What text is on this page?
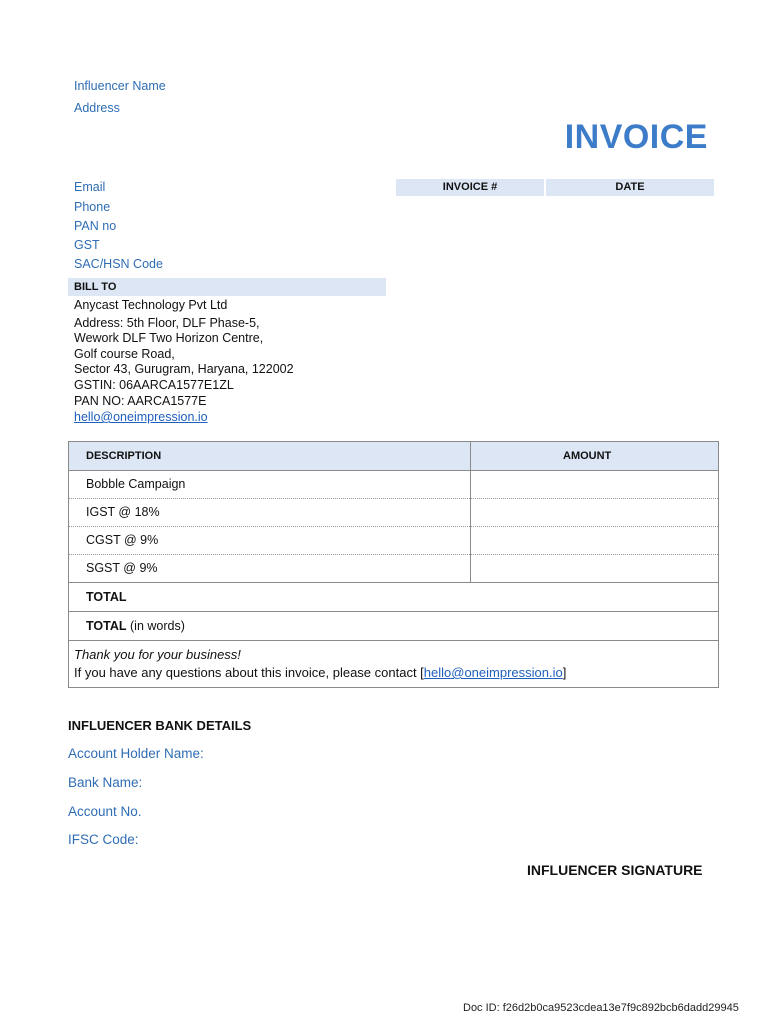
Influencer Name
Address
INVOICE
Email
Phone
PAN no
GST
SAC/HSN Code
INVOICE #	DATE
BILL TO
Anycast Technology Pvt Ltd
Address: 5th Floor, DLF Phase-5,
Wework DLF Two Horizon Centre,
Golf course Road,
Sector 43, Gurugram, Haryana, 122002
GSTIN: 06AARCA1577E1ZL
PAN NO: AARCA1577E
hello@oneimpression.io
DESCRIPTION	AMOUNT
Bobble Campaign
IGST @ 18%
CGST @ 9%
SGST @ 9%
TOTAL
TOTAL (in words)
Thank you for your business!
If you have any questions about this invoice, please contact [hello@oneimpression.io]
INFLUENCER BANK DETAILS
Account Holder Name:
Bank Name:
Account No.
IFSC Code:
INFLUENCER SIGNATURE
Doc ID: f26d2b0ca9523cdea13e7f9c892bcb6dadd29945
